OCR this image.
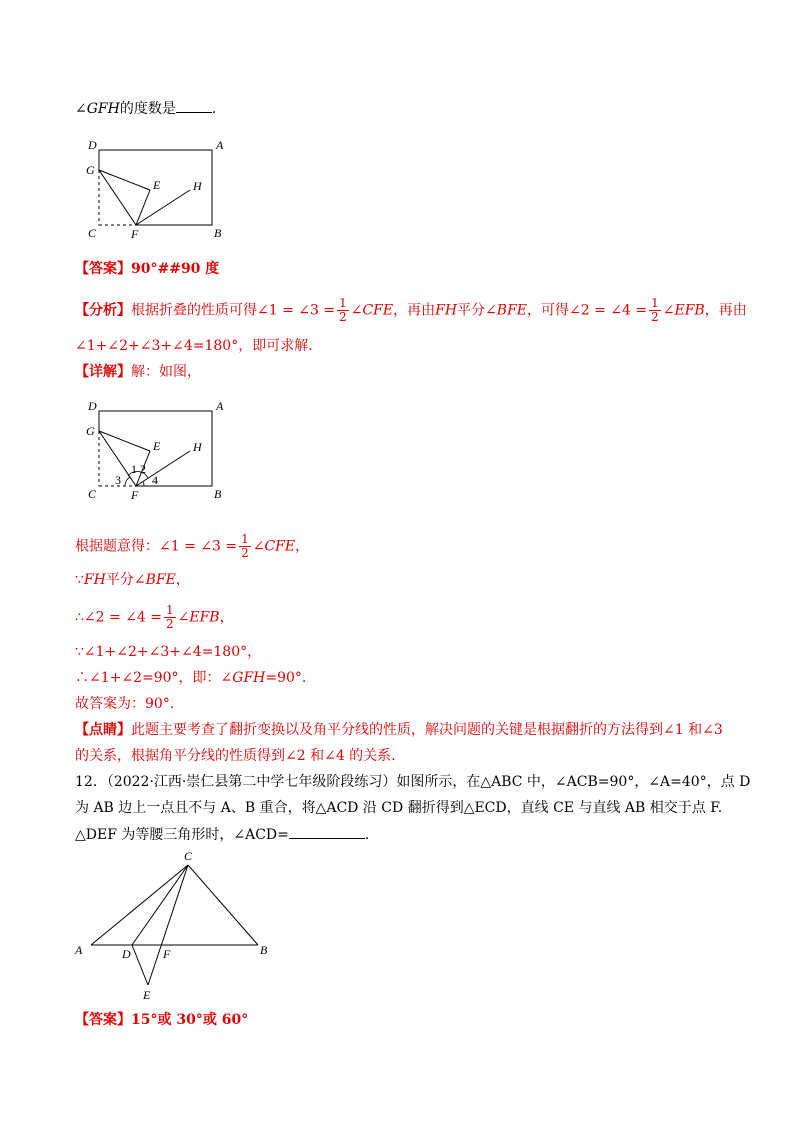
∠GFH的度数是	.
D	A
G
E	H
C	F	B
【答案】90°##90 度
【分析】根据折叠的性质可得∠1 = ∠3 = $\frac{1}{2}$ ∠CFE，再由FH平分∠BFE，可得∠2 = ∠4 = $\frac{1}{2}$ ∠EFB，再由
∠1+∠2+∠3+∠4=180°，即可求解.
【详解】解：如图，
D	A
G
E	H
C	F	B
1 2
3	4
根据题意得：∠1 = ∠3 = $\frac{1}{2}$ ∠CFE，
∵FH平分∠BFE，
∴∠2 = ∠4 = $\frac{1}{2}$ ∠EFB，
∵∠1+∠2+∠3+∠4=180°，
∴∠1+∠2=90°，即：∠GFH=90°.
故答案为：90°.
【点睛】此题主要考查了翻折变换以及角平分线的性质，解决问题的关键是根据翻折的方法得到∠1 和∠3
的关系，根据角平分线的性质得到∠2 和∠4 的关系.
12．（2022·江西·崇仁县第二中学七年级阶段练习）如图所示，在△ABC 中，∠ACB=90°，∠A=40°，点 D
为 AB 边上一点且不与 A、B 重合，将△ACD 沿 CD 翻折得到△ECD，直线 CE 与直线 AB 相交于点 F.
△DEF 为等腰三角形时，∠ACD=	.
C
A	D	F	B
E
【答案】15°或 30°或 60°
